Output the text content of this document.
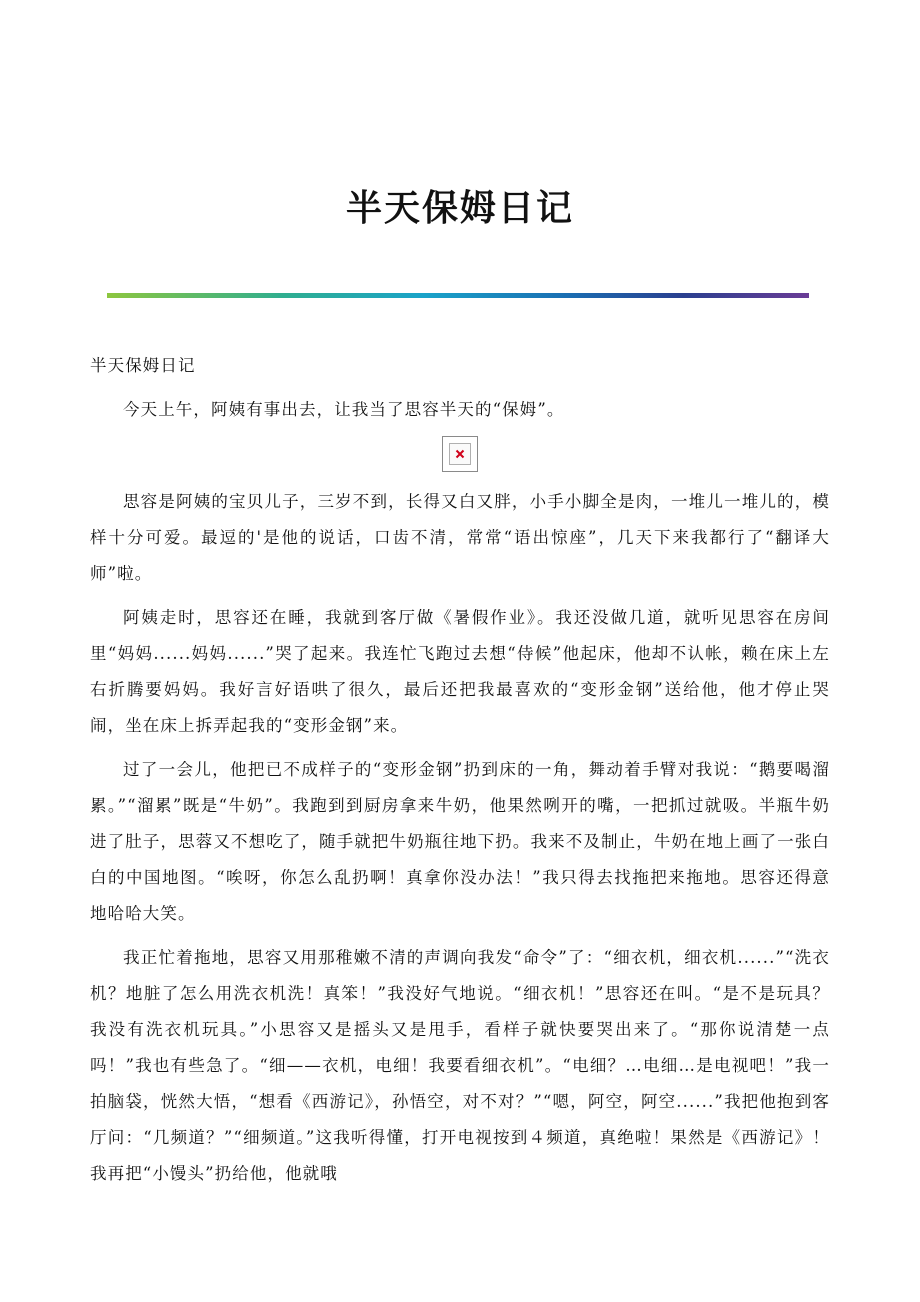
半天保姆日记

半天保姆日记

今天上午，阿姨有事出去，让我当了思容半天的“保姆”。

思容是阿姨的宝贝儿子，三岁不到，长得又白又胖，小手小脚全是肉，一堆儿一堆儿的，模样十分可爱。最逗的'是他的说话，口齿不清，常常“语出惊座”，几天下来我都行了“翻译大师”啦。

阿姨走时，思容还在睡，我就到客厅做《暑假作业》。我还没做几道，就听见思容在房间里“妈妈......妈妈......”哭了起来。我连忙飞跑过去想“侍候”他起床，他却不认帐，赖在床上左右折腾要妈妈。我好言好语哄了很久，最后还把我最喜欢的“变形金钢”送给他，他才停止哭闹，坐在床上拆弄起我的“变形金钢”来。

过了一会儿，他把已不成样子的“变形金钢”扔到床的一角，舞动着手臂对我说：“鹅要喝溜累。”“溜累”既是“牛奶”。我跑到到厨房拿来牛奶，他果然咧开的嘴，一把抓过就吸。半瓶牛奶进了肚子，思蓉又不想吃了，随手就把牛奶瓶往地下扔。我来不及制止，牛奶在地上画了一张白白的中国地图。“唉呀，你怎么乱扔啊！真拿你没办法！”我只得去找拖把来拖地。思容还得意地哈哈大笑。

我正忙着拖地，思容又用那稚嫩不清的声调向我发“命令”了：“细衣机，细衣机......”“洗衣机？地脏了怎么用洗衣机洗！真笨！”我没好气地说。“细衣机！”思容还在叫。“是不是玩具？我没有洗衣机玩具。”小思容又是摇头又是甩手，看样子就快要哭出来了。“那你说清楚一点吗！”我也有些急了。“细——衣机，电细！我要看细衣机”。“电细？…电细…是电视吧！”我一拍脑袋，恍然大悟，“想看《西游记》，孙悟空，对不对？”“嗯，阿空，阿空......”我把他抱到客厅问：“几频道？”“细频道。”这我听得懂，打开电视按到４频道，真绝啦！果然是《西游记》！我再把“小馒头”扔给他，他就哦
